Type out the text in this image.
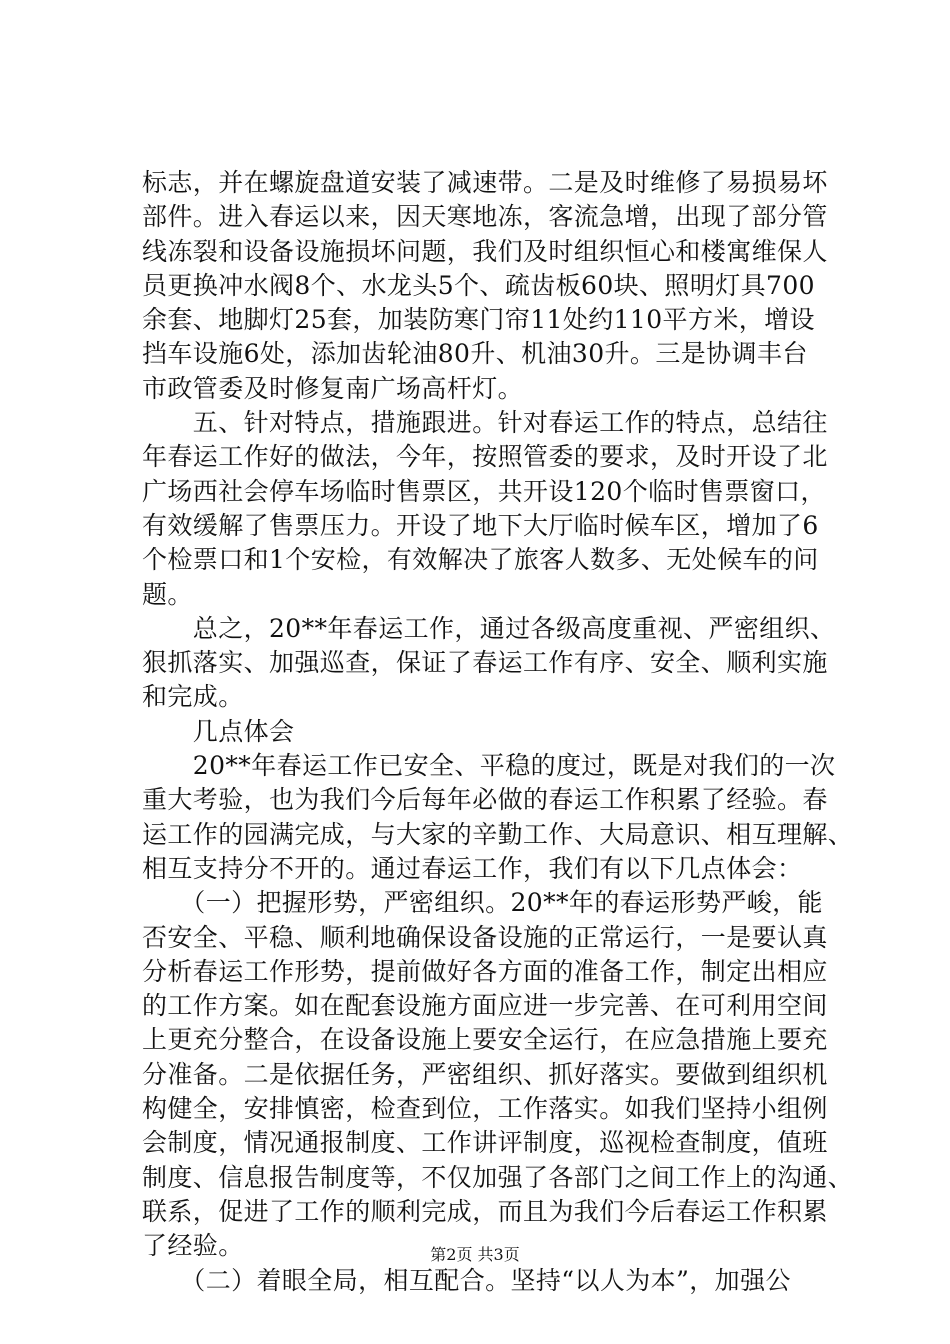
标志，并在螺旋盘道安装了减速带。二是及时维修了易损易坏
部件。进入春运以来，因天寒地冻，客流急增，出现了部分管
线冻裂和设备设施损坏问题，我们及时组织恒心和楼寓维保人
员更换冲水阀8个、水龙头5个、疏齿板60块、照明灯具700
余套、地脚灯25套，加装防寒门帘11处约110平方米，增设
挡车设施6处，添加齿轮油80升、机油30升。三是协调丰台
市政管委及时修复南广场高杆灯。
　　五、针对特点，措施跟进。针对春运工作的特点，总结往
年春运工作好的做法，今年，按照管委的要求，及时开设了北
广场西社会停车场临时售票区，共开设120个临时售票窗口，
有效缓解了售票压力。开设了地下大厅临时候车区，增加了6
个检票口和1个安检，有效解决了旅客人数多、无处候车的问
题。
　　总之，20**年春运工作，通过各级高度重视、严密组织、
狠抓落实、加强巡查，保证了春运工作有序、安全、顺利实施
和完成。
　　几点体会
　　20**年春运工作已安全、平稳的度过，既是对我们的一次
重大考验，也为我们今后每年必做的春运工作积累了经验。春
运工作的园满完成，与大家的辛勤工作、大局意识、相互理解、
相互支持分不开的。通过春运工作，我们有以下几点体会：
　　（一）把握形势，严密组织。20**年的春运形势严峻，能
否安全、平稳、顺利地确保设备设施的正常运行，一是要认真
分析春运工作形势，提前做好各方面的准备工作，制定出相应
的工作方案。如在配套设施方面应进一步完善、在可利用空间
上更充分整合，在设备设施上要安全运行，在应急措施上要充
分准备。二是依据任务，严密组织、抓好落实。要做到组织机
构健全，安排慎密，检查到位，工作落实。如我们坚持小组例
会制度，情况通报制度、工作讲评制度，巡视检查制度，值班
制度、信息报告制度等，不仅加强了各部门之间工作上的沟通、
联系，促进了工作的顺利完成，而且为我们今后春运工作积累
了经验。
　　（二）着眼全局，相互配合。坚持“以人为本”，加强公
第2页 共3页
